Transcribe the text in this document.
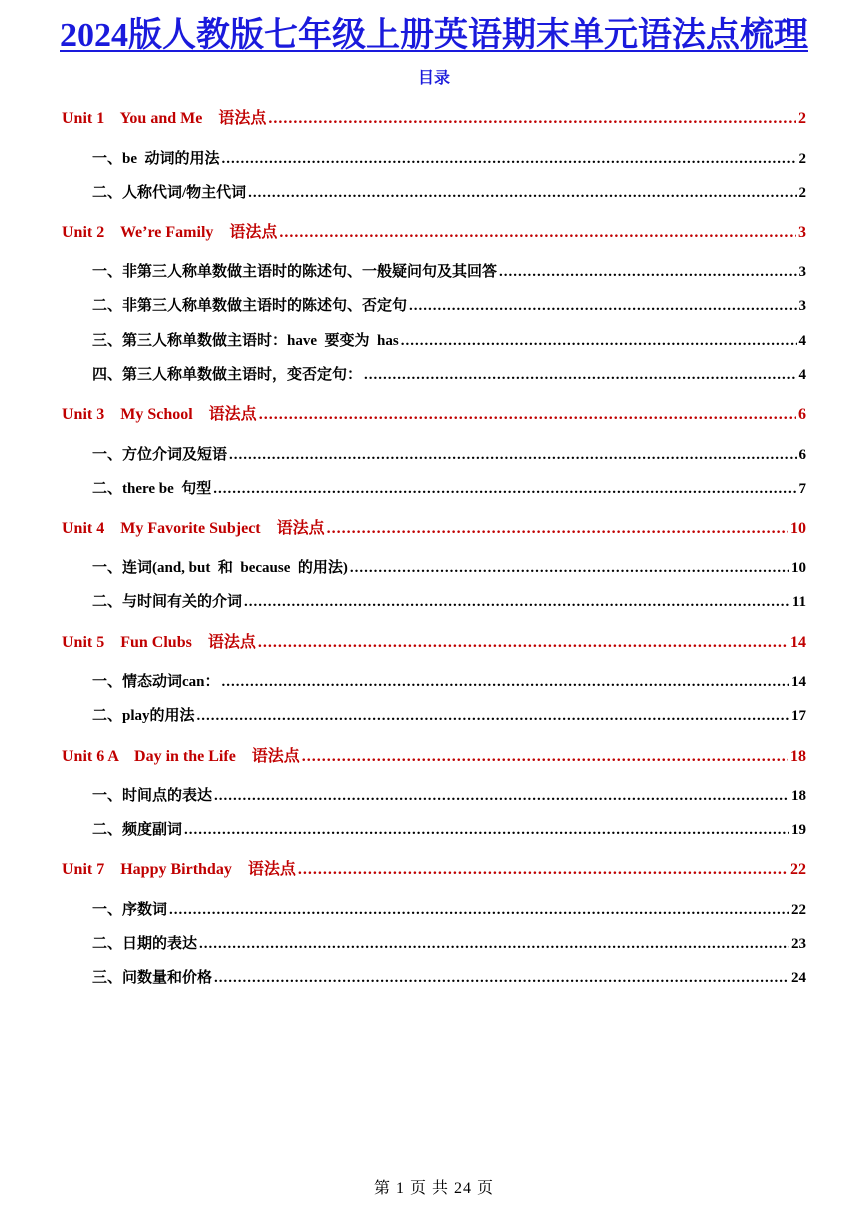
2024版人教版七年级上册英语期末单元语法点梳理
目录
Unit 1    You and Me    语法点 .....	2
一、be  动词的用法 .....	2
二、人称代词/物主代词 .....	2
Unit 2    We’re Family    语法点 .....	3
一、非第三人称单数做主语时的陈述句、一般疑问句及其回答 .....	3
二、非第三人称单数做主语时的陈述句、否定句 .....	3
三、第三人称单数做主语时：have  要变为  has .....	4
四、第三人称单数做主语时，变否定句： .....	4
Unit 3    My School    语法点 .....	6
一、方位介词及短语 .....	6
二、there be  句型 .....	7
Unit 4    My Favorite Subject    语法点 .....	10
一、连词(and, but  和  because  的用法) .....	10
二、与时间有关的介词 .....	11
Unit 5    Fun Clubs    语法点 .....	14
一、情态动词can： .....	14
二、play的用法 .....	17
Unit 6 A    Day in the Life    语法点 .....	18
一、时间点的表达 .....	18
二、频度副词 .....	19
Unit 7    Happy Birthday    语法点 .....	22
一、序数词 .....	22
二、日期的表达 .....	23
三、问数量和价格 .....	24
第 1 页 共 24 页
